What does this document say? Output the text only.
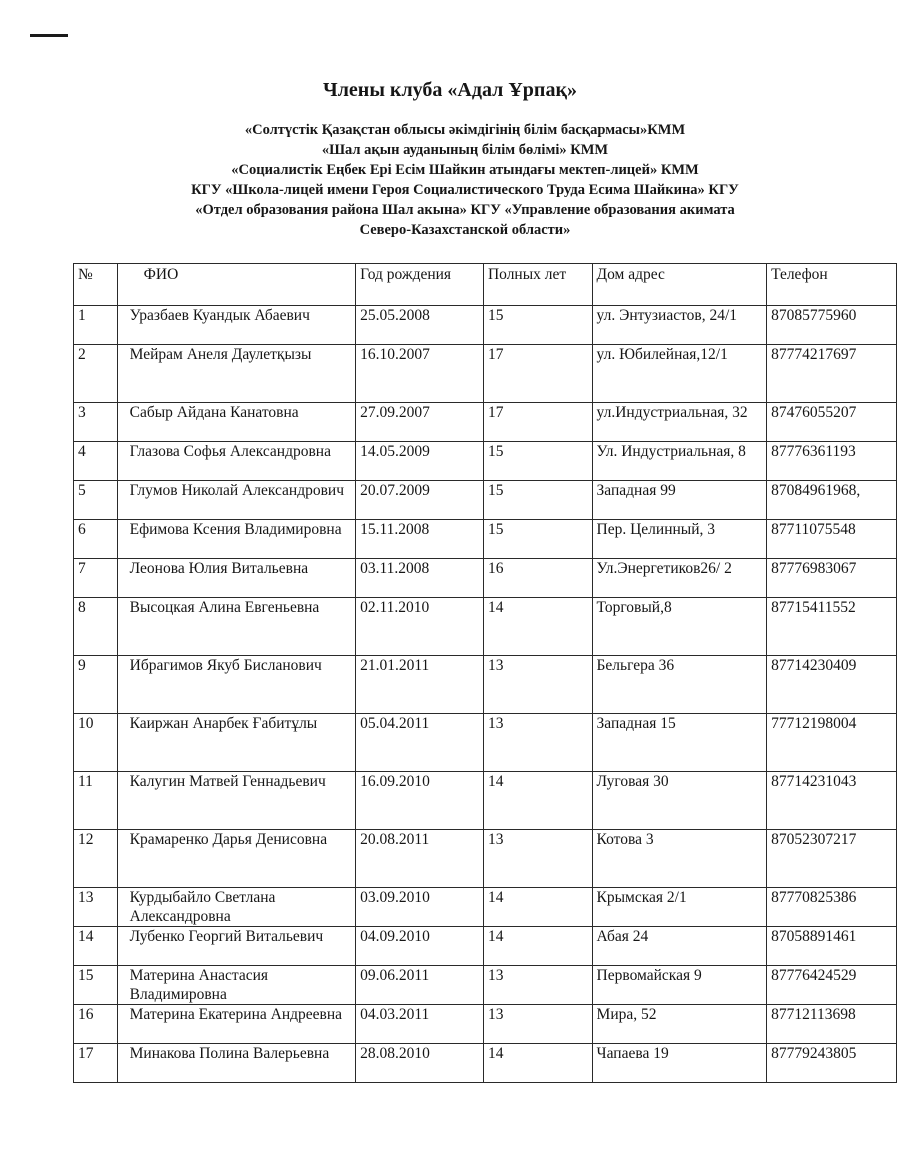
Члены клуба «Адал Ұрпақ»
«Солтүстік Қазақстан облысы әкімдігінің білім басқармасы»КММ
«Шал ақын ауданының білім бөлімі» КММ
«Социалистік Еңбек Ері Есім Шайкин атындағы мектеп-лицей» КММ
КГУ «Школа-лицей имени Героя Социалистического Труда Есима Шайкина» КГУ
«Отдел образования района Шал акына» КГУ «Управление образования акимата
Северо-Казахстанской области»
№	ФИО	Год рождения	Полных лет	Дом адрес	Телефон
1	Уразбаев Куандык Абаевич	25.05.2008	15	ул. Энтузиастов, 24/1	87085775960
2	Мейрам Анеля Даулетқызы	16.10.2007	17	ул. Юбилейная,12/1	87774217697
3	Сабыр Айдана Канатовна	27.09.2007	17	ул.Индустриальная, 32	87476055207
4	Глазова Софья Александровна	14.05.2009	15	Ул. Индустриальная, 8	87776361193
5	Глумов Николай Александрович	20.07.2009	15	Западная 99	87084961968,
6	Ефимова Ксения Владимировна	15.11.2008	15	Пер. Целинный, 3	87711075548
7	Леонова Юлия Витальевна	03.11.2008	16	Ул.Энергетиков26/ 2	87776983067
8	Высоцкая Алина Евгеньевна	02.11.2010	14	Торговый,8	87715411552
9	Ибрагимов Якуб Бисланович	21.01.2011	13	Бельгера 36	87714230409
10	Каиржан Анарбек Ғабитұлы	05.04.2011	13	Западная 15	77712198004
11	Калугин Матвей Геннадьевич	16.09.2010	14	Луговая 30	87714231043
12	Крамаренко Дарья Денисовна	20.08.2011	13	Котова 3	87052307217
13	Курдыбайло Светлана Александровна	03.09.2010	14	Крымская 2/1	87770825386
14	Лубенко Георгий Витальевич	04.09.2010	14	Абая 24	87058891461
15	Материна Анастасия Владимировна	09.06.2011	13	Первомайская 9	87776424529
16	Материна Екатерина Андреевна	04.03.2011	13	Мира, 52	87712113698
17	Минакова Полина Валерьевна	28.08.2010	14	Чапаева 19	87779243805
